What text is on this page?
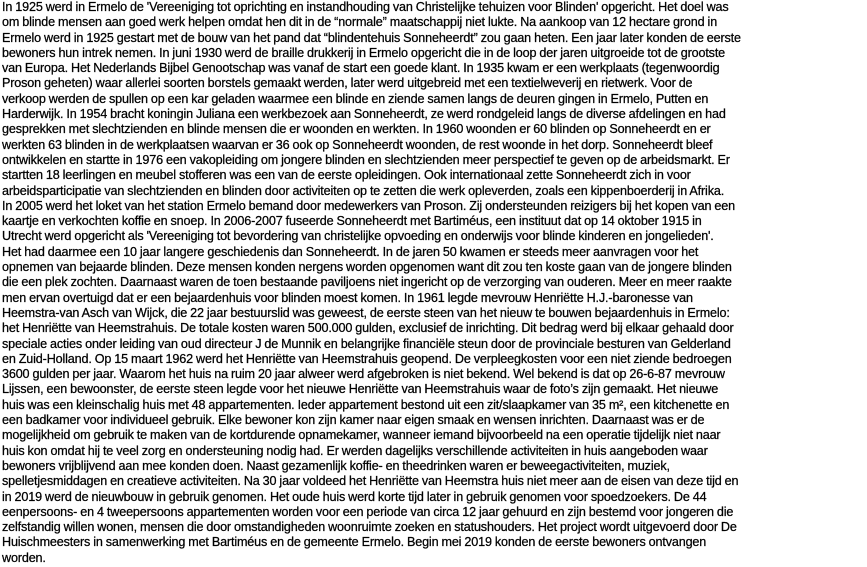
In 1925 werd in Ermelo de 'Vereeniging tot oprichting en instandhouding van Christelijke tehuizen voor Blinden' opgericht. Het doel was
om blinde mensen aan goed werk helpen omdat hen dit in de “normale” maatschappij niet lukte. Na aankoop van 12 hectare grond in
Ermelo werd in 1925 gestart met de bouw van het pand dat “blindentehuis Sonneheerdt” zou gaan heten. Een jaar later konden de eerste
bewoners hun intrek nemen. In juni 1930 werd de braille drukkerij in Ermelo opgericht die in de loop der jaren uitgroeide tot de grootste
van Europa. Het Nederlands Bijbel Genootschap was vanaf de start een goede klant. In 1935 kwam er een werkplaats (tegenwoordig
Proson geheten) waar allerlei soorten borstels gemaakt werden, later werd uitgebreid met een textielweverij en rietwerk. Voor de
verkoop werden de spullen op een kar geladen waarmee een blinde en ziende samen langs de deuren gingen in Ermelo, Putten en
Harderwijk. In 1954 bracht koningin Juliana een werkbezoek aan Sonneheerdt, ze werd rondgeleid langs de diverse afdelingen en had
gesprekken met slechtzienden en blinde mensen die er woonden en werkten. In 1960 woonden er 60 blinden op Sonneheerdt en er
werkten 63 blinden in de werkplaatsen waarvan er 36 ook op Sonneheerdt woonden, de rest woonde in het dorp. Sonneheerdt bleef
ontwikkelen en startte in 1976 een vakopleiding om jongere blinden en slechtzienden meer perspectief te geven op de arbeidsmarkt. Er
startten 18 leerlingen en meubel stofferen was een van de eerste opleidingen. Ook internationaal zette Sonneheerdt zich in voor
arbeidsparticipatie van slechtzienden en blinden door activiteiten op te zetten die werk opleverden, zoals een kippenboerderij in Afrika.
In 2005 werd het loket van het station Ermelo bemand door medewerkers van Proson. Zij ondersteunden reizigers bij het kopen van een
kaartje en verkochten koffie en snoep. In 2006-2007 fuseerde Sonneheerdt met Bartiméus, een instituut dat op 14 oktober 1915 in
Utrecht werd opgericht als 'Vereeniging tot bevordering van christelijke opvoeding en onderwijs voor blinde kinderen en jongelieden'.
Het had daarmee een 10 jaar langere geschiedenis dan Sonneheerdt. In de jaren 50 kwamen er steeds meer aanvragen voor het
opnemen van bejaarde blinden. Deze mensen konden nergens worden opgenomen want dit zou ten koste gaan van de jongere blinden
die een plek zochten. Daarnaast waren de toen bestaande paviljoens niet ingericht op de verzorging van ouderen. Meer en meer raakte
men ervan overtuigd dat er een bejaardenhuis voor blinden moest komen. In 1961 legde mevrouw Henriëtte H.J.-baronesse van
Heemstra-van Asch van Wijck, die 22 jaar bestuurslid was geweest, de eerste steen van het nieuw te bouwen bejaardenhuis in Ermelo:
het Henriëtte van Heemstrahuis. De totale kosten waren 500.000 gulden, exclusief de inrichting. Dit bedrag werd bij elkaar gehaald door
speciale acties onder leiding van oud directeur J de Munnik en belangrijke financiële steun door de provinciale besturen van Gelderland
en Zuid-Holland. Op 15 maart 1962 werd het Henriëtte van Heemstrahuis geopend. De verpleegkosten voor een niet ziende bedroegen
3600 gulden per jaar. Waarom het huis na ruim 20 jaar alweer werd afgebroken is niet bekend. Wel bekend is dat op 26-6-87 mevrouw
Lijssen, een bewoonster, de eerste steen legde voor het nieuwe Henriëtte van Heemstrahuis waar de foto’s zijn gemaakt. Het nieuwe
huis was een kleinschalig huis met 48 appartementen. Ieder appartement bestond uit een zit/slaapkamer van 35 m², een kitchenette en
een badkamer voor individueel gebruik. Elke bewoner kon zijn kamer naar eigen smaak en wensen inrichten. Daarnaast was er de
mogelijkheid om gebruik te maken van de kortdurende opnamekamer, wanneer iemand bijvoorbeeld na een operatie tijdelijk niet naar
huis kon omdat hij te veel zorg en ondersteuning nodig had. Er werden dagelijks verschillende activiteiten in huis aangeboden waar
bewoners vrijblijvend aan mee konden doen. Naast gezamenlijk koffie- en theedrinken waren er beweegactiviteiten, muziek,
spelletjesmiddagen en creatieve activiteiten. Na 30 jaar voldeed het Henriëtte van Heemstra huis niet meer aan de eisen van deze tijd en
in 2019 werd de nieuwbouw in gebruik genomen. Het oude huis werd korte tijd later in gebruik genomen voor spoedzoekers. De 44
eenpersoons- en 4 tweepersoons appartementen worden voor een periode van circa 12 jaar gehuurd en zijn bestemd voor jongeren die
zelfstandig willen wonen, mensen die door omstandigheden woonruimte zoeken en statushouders. Het project wordt uitgevoerd door De
Huischmeesters in samenwerking met Bartiméus en de gemeente Ermelo. Begin mei 2019 konden de eerste bewoners ontvangen
worden.
